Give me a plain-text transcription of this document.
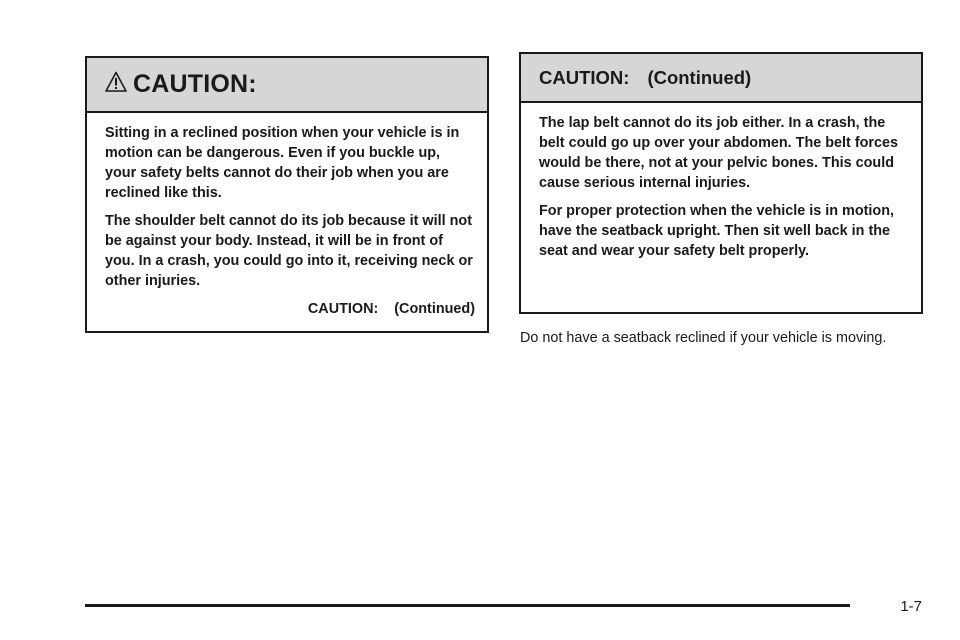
CAUTION:

Sitting in a reclined position when your vehicle is in motion can be dangerous. Even if you buckle up, your safety belts cannot do their job when you are reclined like this.

The shoulder belt cannot do its job because it will not be against your body. Instead, it will be in front of you. In a crash, you could go into it, receiving neck or other injuries.

CAUTION: (Continued)
CAUTION: (Continued)

The lap belt cannot do its job either. In a crash, the belt could go up over your abdomen. The belt forces would be there, not at your pelvic bones. This could cause serious internal injuries.

For proper protection when the vehicle is in motion, have the seatback upright. Then sit well back in the seat and wear your safety belt properly.

Do not have a seatback reclined if your vehicle is moving.

1-7
